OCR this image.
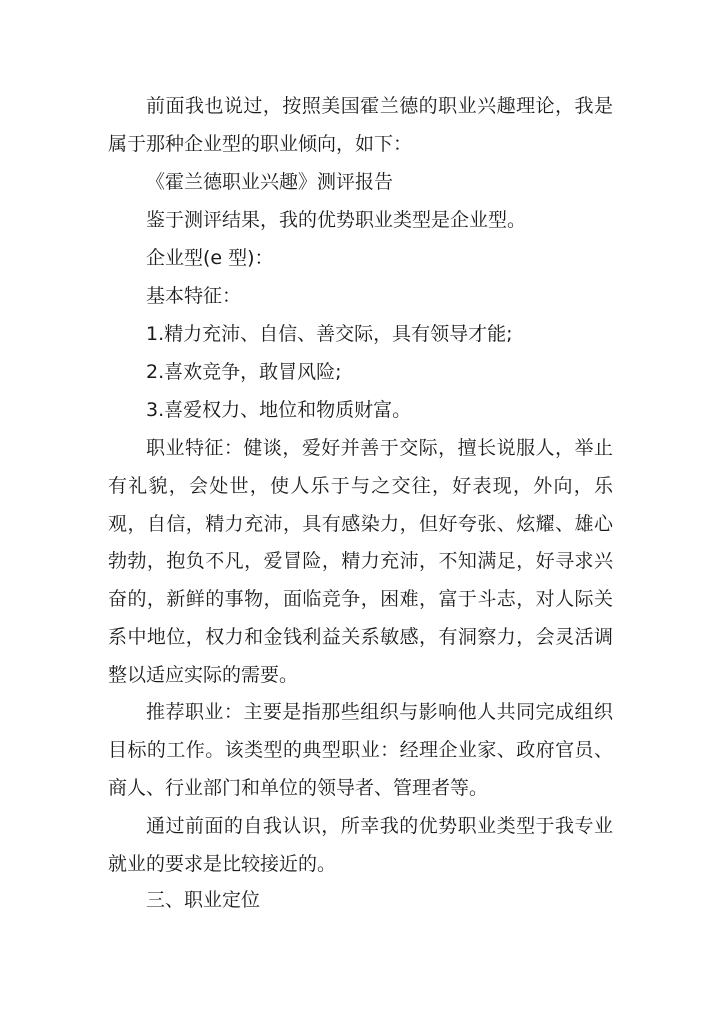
前面我也说过，按照美国霍兰德的职业兴趣理论，我是属于那种企业型的职业倾向，如下：

《霍兰德职业兴趣》测评报告

鉴于测评结果，我的优势职业类型是企业型。

企业型(e 型)：

基本特征：

1.精力充沛、自信、善交际，具有领导才能;

2.喜欢竞争，敢冒风险;

3.喜爱权力、地位和物质财富。

职业特征：健谈，爱好并善于交际，擅长说服人，举止有礼貌，会处世，使人乐于与之交往，好表现，外向，乐观，自信，精力充沛，具有感染力，但好夸张、炫耀、雄心勃勃，抱负不凡，爱冒险，精力充沛，不知满足，好寻求兴奋的，新鲜的事物，面临竞争，困难，富于斗志，对人际关系中地位，权力和金钱利益关系敏感，有洞察力，会灵活调整以适应实际的需要。

推荐职业：主要是指那些组织与影响他人共同完成组织目标的工作。该类型的典型职业：经理企业家、政府官员、商人、行业部门和单位的领导者、管理者等。

通过前面的自我认识，所幸我的优势职业类型于我专业就业的要求是比较接近的。

三、职业定位
